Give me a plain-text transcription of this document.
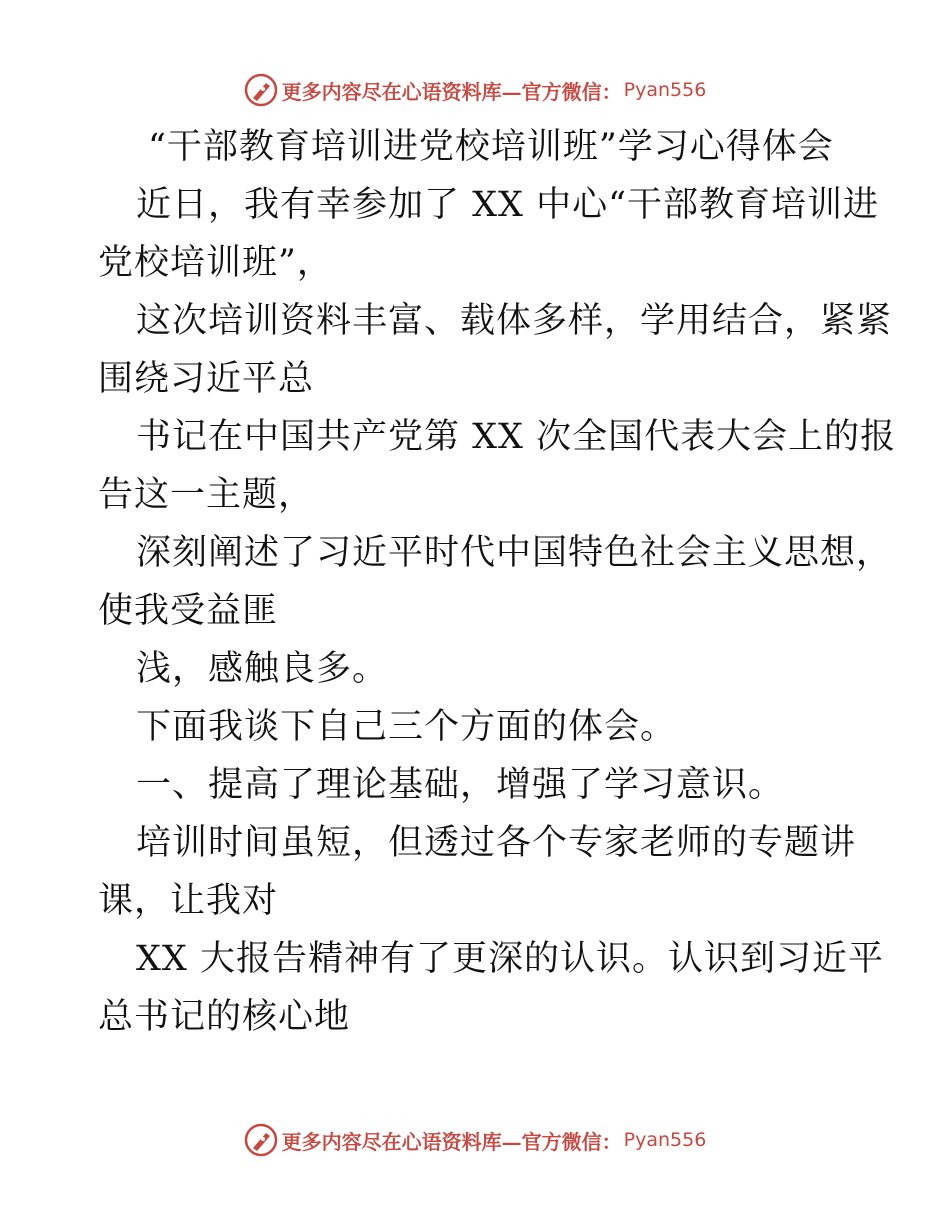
更多内容尽在心语资料库—官方微信： Pyan556
“干部教育培训进党校培训班”学习心得体会
近日，我有幸参加了 XX 中心“干部教育培训进
党校培训班”，
这次培训资料丰富、载体多样，学用结合，紧紧
围绕习近平总
书记在中国共产党第 XX 次全国代表大会上的报
告这一主题，
深刻阐述了习近平时代中国特色社会主义思想，
使我受益匪
浅，感触良多。
下面我谈下自己三个方面的体会。
一、提高了理论基础，增强了学习意识。
培训时间虽短，但透过各个专家老师的专题讲
课，让我对
XX 大报告精神有了更深的认识。认识到习近平
总书记的核心地
更多内容尽在心语资料库—官方微信： Pyan556
